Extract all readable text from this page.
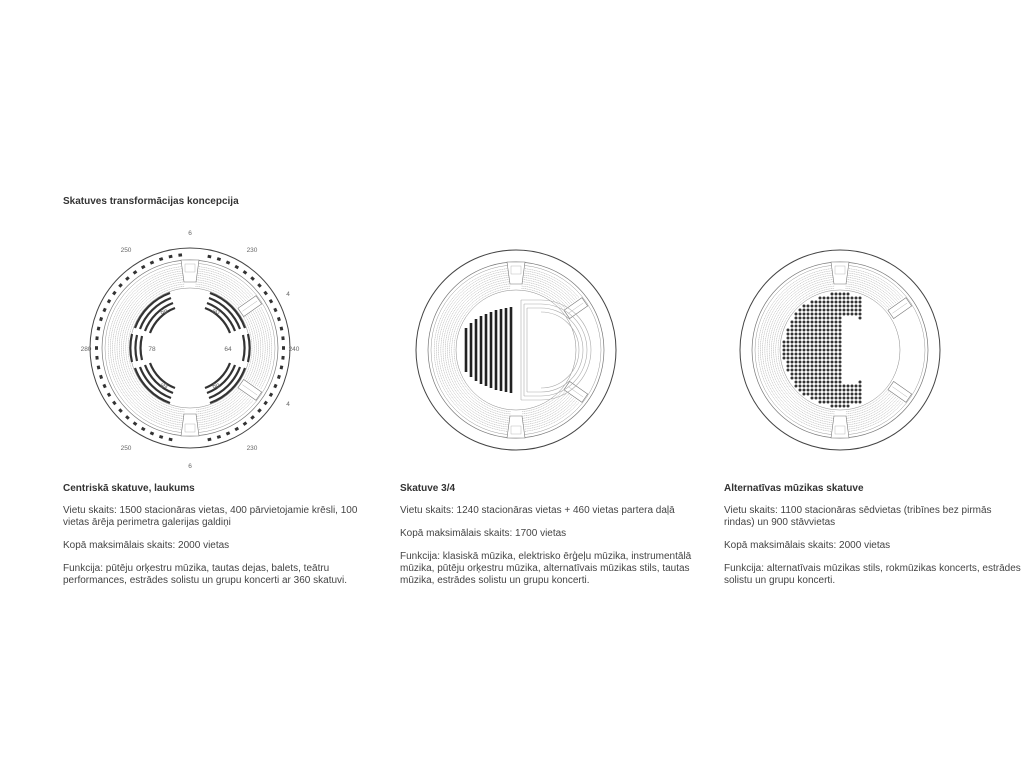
Skatuves transformācijas koncepcija
6
6
280	240
250	230
250	230
4
4
69	60
78	64
69	60
Centriskā skatuve, laukums

Vietu skaits: 1500 stacionāras vietas, 400 pārvietojamie krēsli, 100 vietas ārēja perimetra galerijas galdiņi

Kopā maksimālais skaits: 2000 vietas

Funkcija: pūtēju orķestru mūzika, tautas dejas, balets, teātru performances, estrādes solistu un grupu koncerti ar 360 skatuvi.

Skatuve 3/4

Vietu skaits: 1240 stacionāras vietas + 460 vietas partera daļā

Kopā maksimālais skaits: 1700 vietas

Funkcija: klasiskā mūzika, elektrisko ērģeļu mūzika, instrumentālā mūzika, pūtēju orķestru mūzika, alternatīvais mūzikas stils, tautas mūzika, estrādes solistu un grupu koncerti.

Alternatīvas mūzikas skatuve

Vietu skaits: 1100 stacionāras sēdvietas (tribīnes bez pirmās rindas) un 900 stāvvietas

Kopā maksimālais skaits: 2000 vietas

Funkcija: alternatīvais mūzikas stils, rokmūzikas koncerts, estrādes solistu un grupu koncerti.
